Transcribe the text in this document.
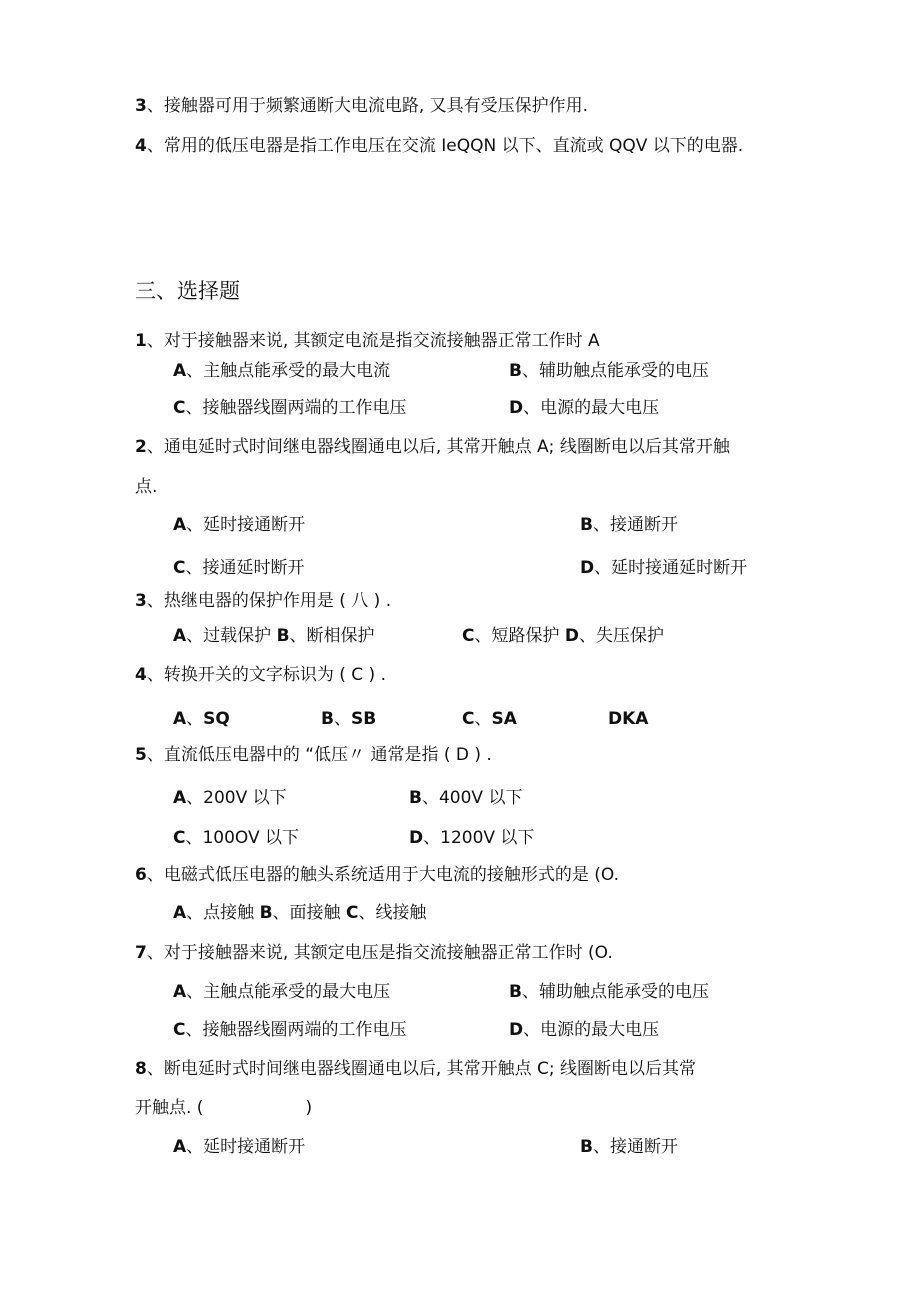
3、接触器可用于频繁通断大电流电路, 又具有受压保护作用.
4、常用的低压电器是指工作电压在交流 IeQQN 以下、直流或 QQV 以下的电器.
三、选择题
1、对于接触器来说, 其额定电流是指交流接触器正常工作时 A
A、主触点能承受的最大电流	B、辅助触点能承受的电压
C、接触器线圈两端的工作电压	D、电源的最大电压
2、通电延时式时间继电器线圈通电以后, 其常开触点 A; 线圈断电以后其常开触
点.
A、延时接通断开	B、接通断开
C、接通延时断开	D、延时接通延时断开
3、热继电器的保护作用是 ( 八 ) .
A、过载保护 B、断相保护	C、短路保护 D、失压保护
4、转换开关的文字标识为 ( C ) .
A、SQ	B、SB	C、SA	DKA
5、直流低压电器中的 “低压〃 通常是指 ( D ) .
A、200V 以下	B、400V 以下
C、100OV 以下	D、1200V 以下
6、电磁式低压电器的触头系统适用于大电流的接触形式的是 (O.
A、点接触 B、面接触 C、线接触
7、对于接触器来说, 其额定电压是指交流接触器正常工作时 (O.
A、主触点能承受的最大电压	B、辅助触点能承受的电压
C、接触器线圈两端的工作电压	D、电源的最大电压
8、断电延时式时间继电器线圈通电以后, 其常开触点 C; 线圈断电以后其常
开触点. (　　　　　　)
A、延时接通断开	B、接通断开
